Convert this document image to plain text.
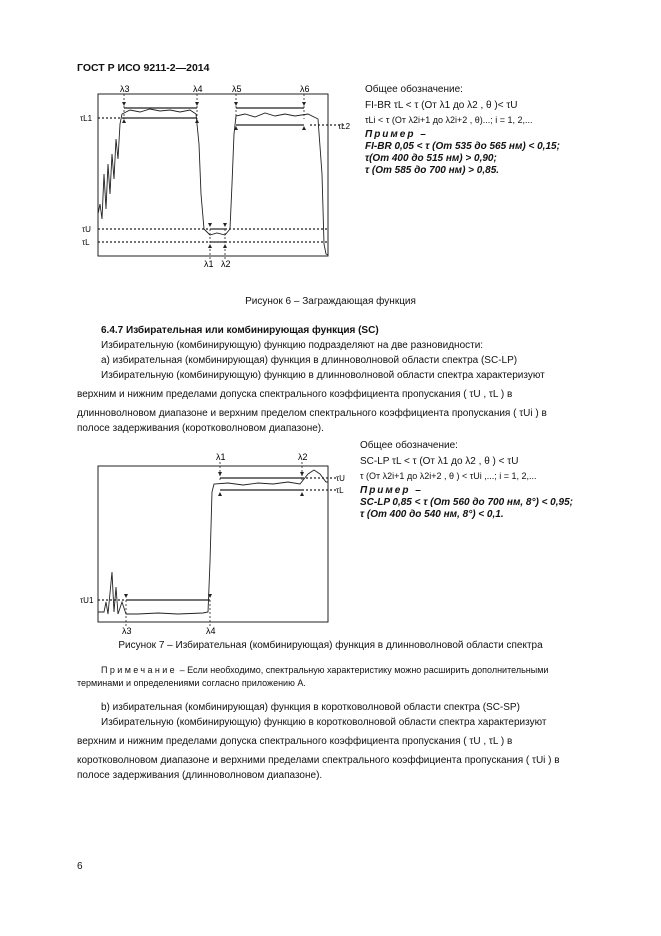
ГОСТ Р ИСО 9211-2—2014
λ3	λ4	λ5	λ6
λ1 λ2
τL1
τL2
τU
τL
Общее обозначение:
FI-BR τL < τ (От λ1 до λ2 , θ )< τU
τLi < τ (От λ2i+1 до λ2i+2 , θ)...; i = 1, 2,...
Пример –
FI-BR 0,05 < τ (От 535 до 565 нм) < 0,15;
τ(От 400 до 515 нм) > 0,90;
τ (От 585 до 700 нм) > 0,85.
Рисунок 6 – Заграждающая функция
6.4.7 Избирательная или комбинирующая функция (SC)
Избирательную (комбинирующую) функцию подразделяют на две разновидности:
а) избирательная (комбинирующая) функция в длинноволновой области спектра (SC-LP)
Избирательную (комбинирующую) функцию в длинноволновой области спектра характеризуют
верхним и нижним пределами допуска спектрального коэффициента пропускания ( τU , τL ) в
длинноволновом диапазоне и верхним пределом спектрального коэффициента пропускания ( τUi ) в
полосе задерживания (коротковолновом диапазоне).
λ1	λ2
λ3	λ4
τU
τL
τU1
Общее обозначение:
SC-LP τL < τ (От λ1 до λ2 , θ ) < τU
τ (От λ2i+1 до λ2i+2 , θ ) < τUi ,...; i = 1, 2,...
Пример –
SC-LP 0,85 < τ (От 560 до 700 нм, 8°) < 0,95;
τ (От 400 до 540 нм, 8°) < 0,1.
Рисунок 7 – Избирательная (комбинирующая) функция в длинноволновой области спектра
Примечание – Если необходимо, спектральную характеристику можно расширить дополнительными
терминами и определениями согласно приложению А.
b) избирательная (комбинирующая) функция в коротковолновой области спектра (SC-SP)
Избирательную (комбинирующую) функцию в коротковолновой области спектра характеризуют
верхним и нижним пределами допуска спектрального коэффициента пропускания ( τU , τL ) в
коротковолновом диапазоне и верхними пределами спектрального коэффициента пропускания ( τUi ) в
полосе задерживания (длинноволновом диапазоне).
6
